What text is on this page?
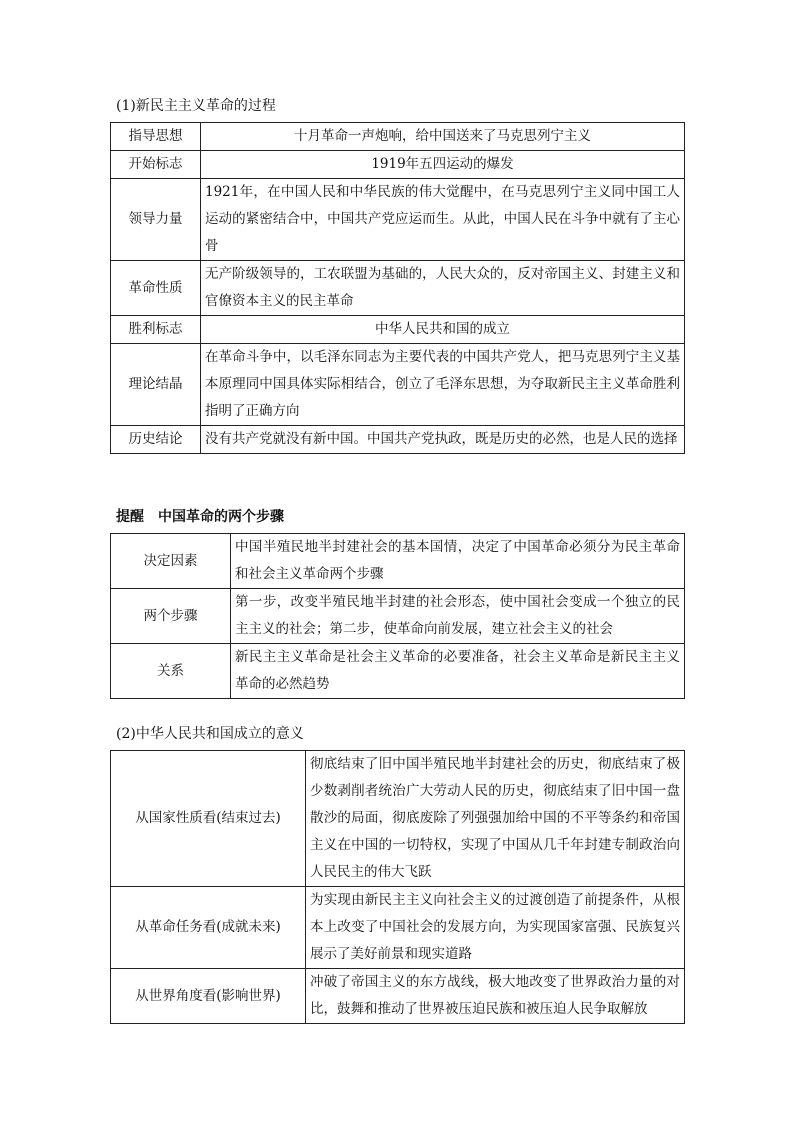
(1)新民主主义革命的过程
指导思想	十月革命一声炮响，给中国送来了马克思列宁主义
开始标志	1919年五四运动的爆发
领导力量	1921年，在中国人民和中华民族的伟大觉醒中，在马克思列宁主义同中国工人运动的紧密结合中，中国共产党应运而生。从此，中国人民在斗争中就有了主心骨
革命性质	无产阶级领导的，工农联盟为基础的，人民大众的，反对帝国主义、封建主义和官僚资本主义的民主革命
胜利标志	中华人民共和国的成立
理论结晶	在革命斗争中，以毛泽东同志为主要代表的中国共产党人，把马克思列宁主义基本原理同中国具体实际相结合，创立了毛泽东思想，为夺取新民主主义革命胜利指明了正确方向
历史结论	没有共产党就没有新中国。中国共产党执政，既是历史的必然，也是人民的选择
提醒 中国革命的两个步骤
决定因素	中国半殖民地半封建社会的基本国情，决定了中国革命必须分为民主革命和社会主义革命两个步骤
两个步骤	第一步，改变半殖民地半封建的社会形态，使中国社会变成一个独立的民主主义的社会；第二步，使革命向前发展，建立社会主义的社会
关系	新民主主义革命是社会主义革命的必要准备，社会主义革命是新民主主义革命的必然趋势
(2)中华人民共和国成立的意义
从国家性质看(结束过去)	彻底结束了旧中国半殖民地半封建社会的历史，彻底结束了极少数剥削者统治广大劳动人民的历史，彻底结束了旧中国一盘散沙的局面，彻底废除了列强强加给中国的不平等条约和帝国主义在中国的一切特权，实现了中国从几千年封建专制政治向人民民主的伟大飞跃
从革命任务看(成就未来)	为实现由新民主主义向社会主义的过渡创造了前提条件，从根本上改变了中国社会的发展方向，为实现国家富强、民族复兴展示了美好前景和现实道路
从世界角度看(影响世界)	冲破了帝国主义的东方战线，极大地改变了世界政治力量的对比，鼓舞和推动了世界被压迫民族和被压迫人民争取解放
